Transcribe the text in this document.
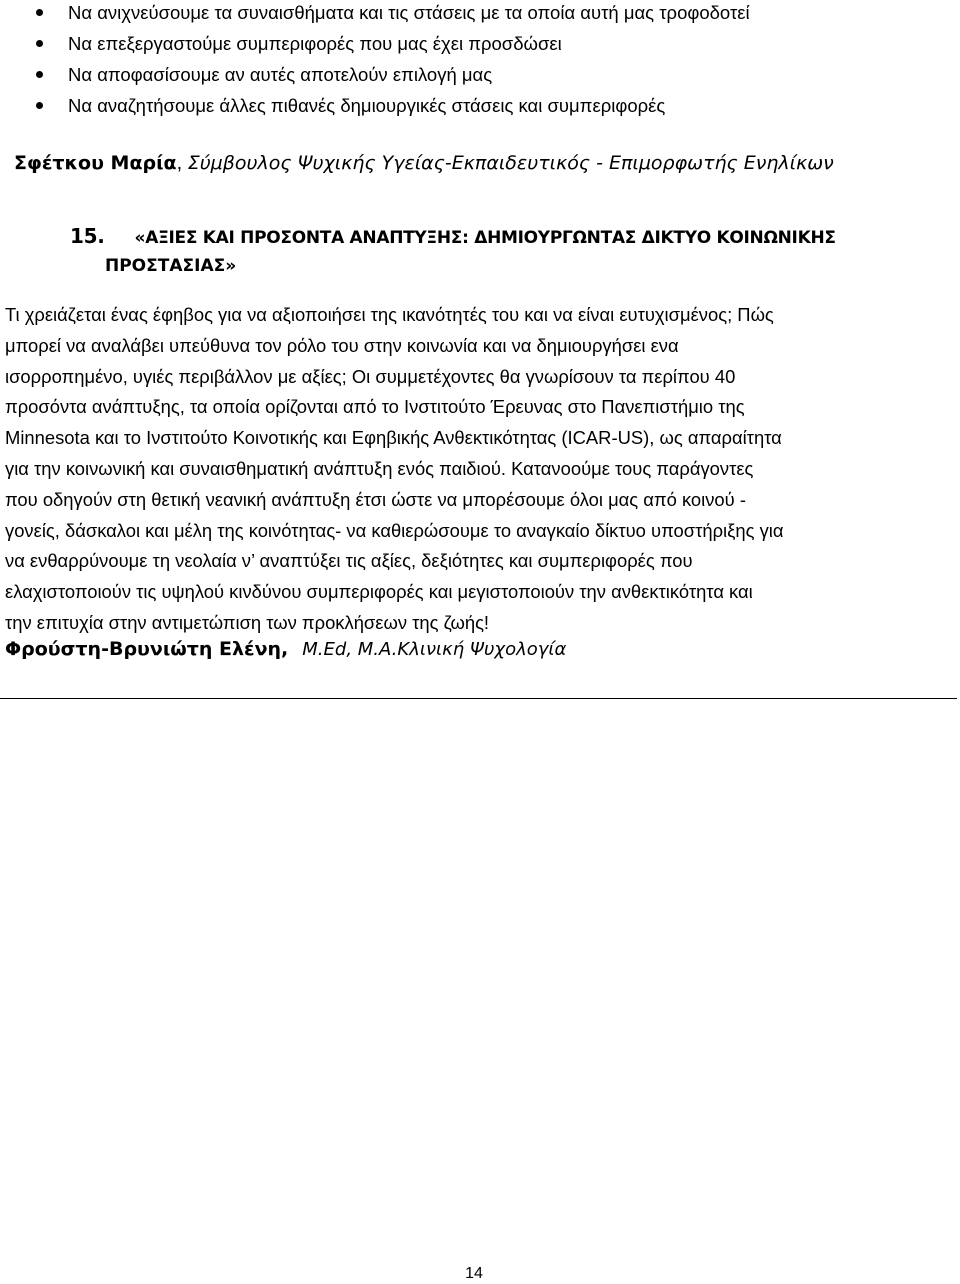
Να ανιχνεύσουμε τα συναισθήματα και τις στάσεις με τα οποία αυτή μας τροφοδοτεί
Να επεξεργαστούμε συμπεριφορές που μας έχει προσδώσει
Να αποφασίσουμε αν αυτές αποτελούν επιλογή μας
Να αναζητήσουμε άλλες πιθανές δημιουργικές στάσεις και συμπεριφορές
Σφέτκου Μαρία, Σύμβουλος Ψυχικής Υγείας-Εκπαιδευτικός - Επιμορφωτής Ενηλίκων
15. «ΑΞΙΕΣ ΚΑΙ ΠΡΟΣΟΝΤΑ ΑΝΑΠΤΥΞΗΣ: ΔΗΜΙΟΥΡΓΩΝΤΑΣ ΔΙΚΤΥΟ ΚΟΙΝΩΝΙΚΗΣ
ΠΡΟΣΤΑΣΙΑΣ»
Τι χρειάζεται ένας έφηβος για να αξιοποιήσει της ικανότητές του και να είναι ευτυχισμένος; Πώς
μπορεί να αναλάβει υπεύθυνα τον ρόλο του στην κοινωνία και να δημιουργήσει ενα
ισορροπημένο, υγιές περιβάλλον με αξίες; Οι συμμετέχοντες θα γνωρίσουν τα περίπου 40
προσόντα ανάπτυξης, τα οποία ορίζονται από το Ινστιτούτο Έρευνας στο Πανεπιστήμιο της
Minnesota και το Ινστιτούτο Κοινοτικής και Εφηβικής Ανθεκτικότητας (ICAR-US), ως απαραίτητα
για την κοινωνική και συναισθηματική ανάπτυξη ενός παιδιού. Κατανοούμε τους παράγοντες
που οδηγούν στη θετική νεανική ανάπτυξη έτσι ώστε να μπορέσουμε όλοι μας από κοινού -
γονείς, δάσκαλοι και μέλη της κοινότητας- να καθιερώσουμε το αναγκαίο δίκτυο υποστήριξης για
να ενθαρρύνουμε τη νεολαία ν’ αναπτύξει τις αξίες, δεξιότητες και συμπεριφορές που
ελαχιστοποιούν τις υψηλού κινδύνου συμπεριφορές και μεγιστοποιούν την ανθεκτικότητα και
την επιτυχία στην αντιμετώπιση των προκλήσεων της ζωής!
Φρούστη-Βρυνιώτη Ελένη, M.Ed, M.A.Κλινική Ψυχολογία
14
